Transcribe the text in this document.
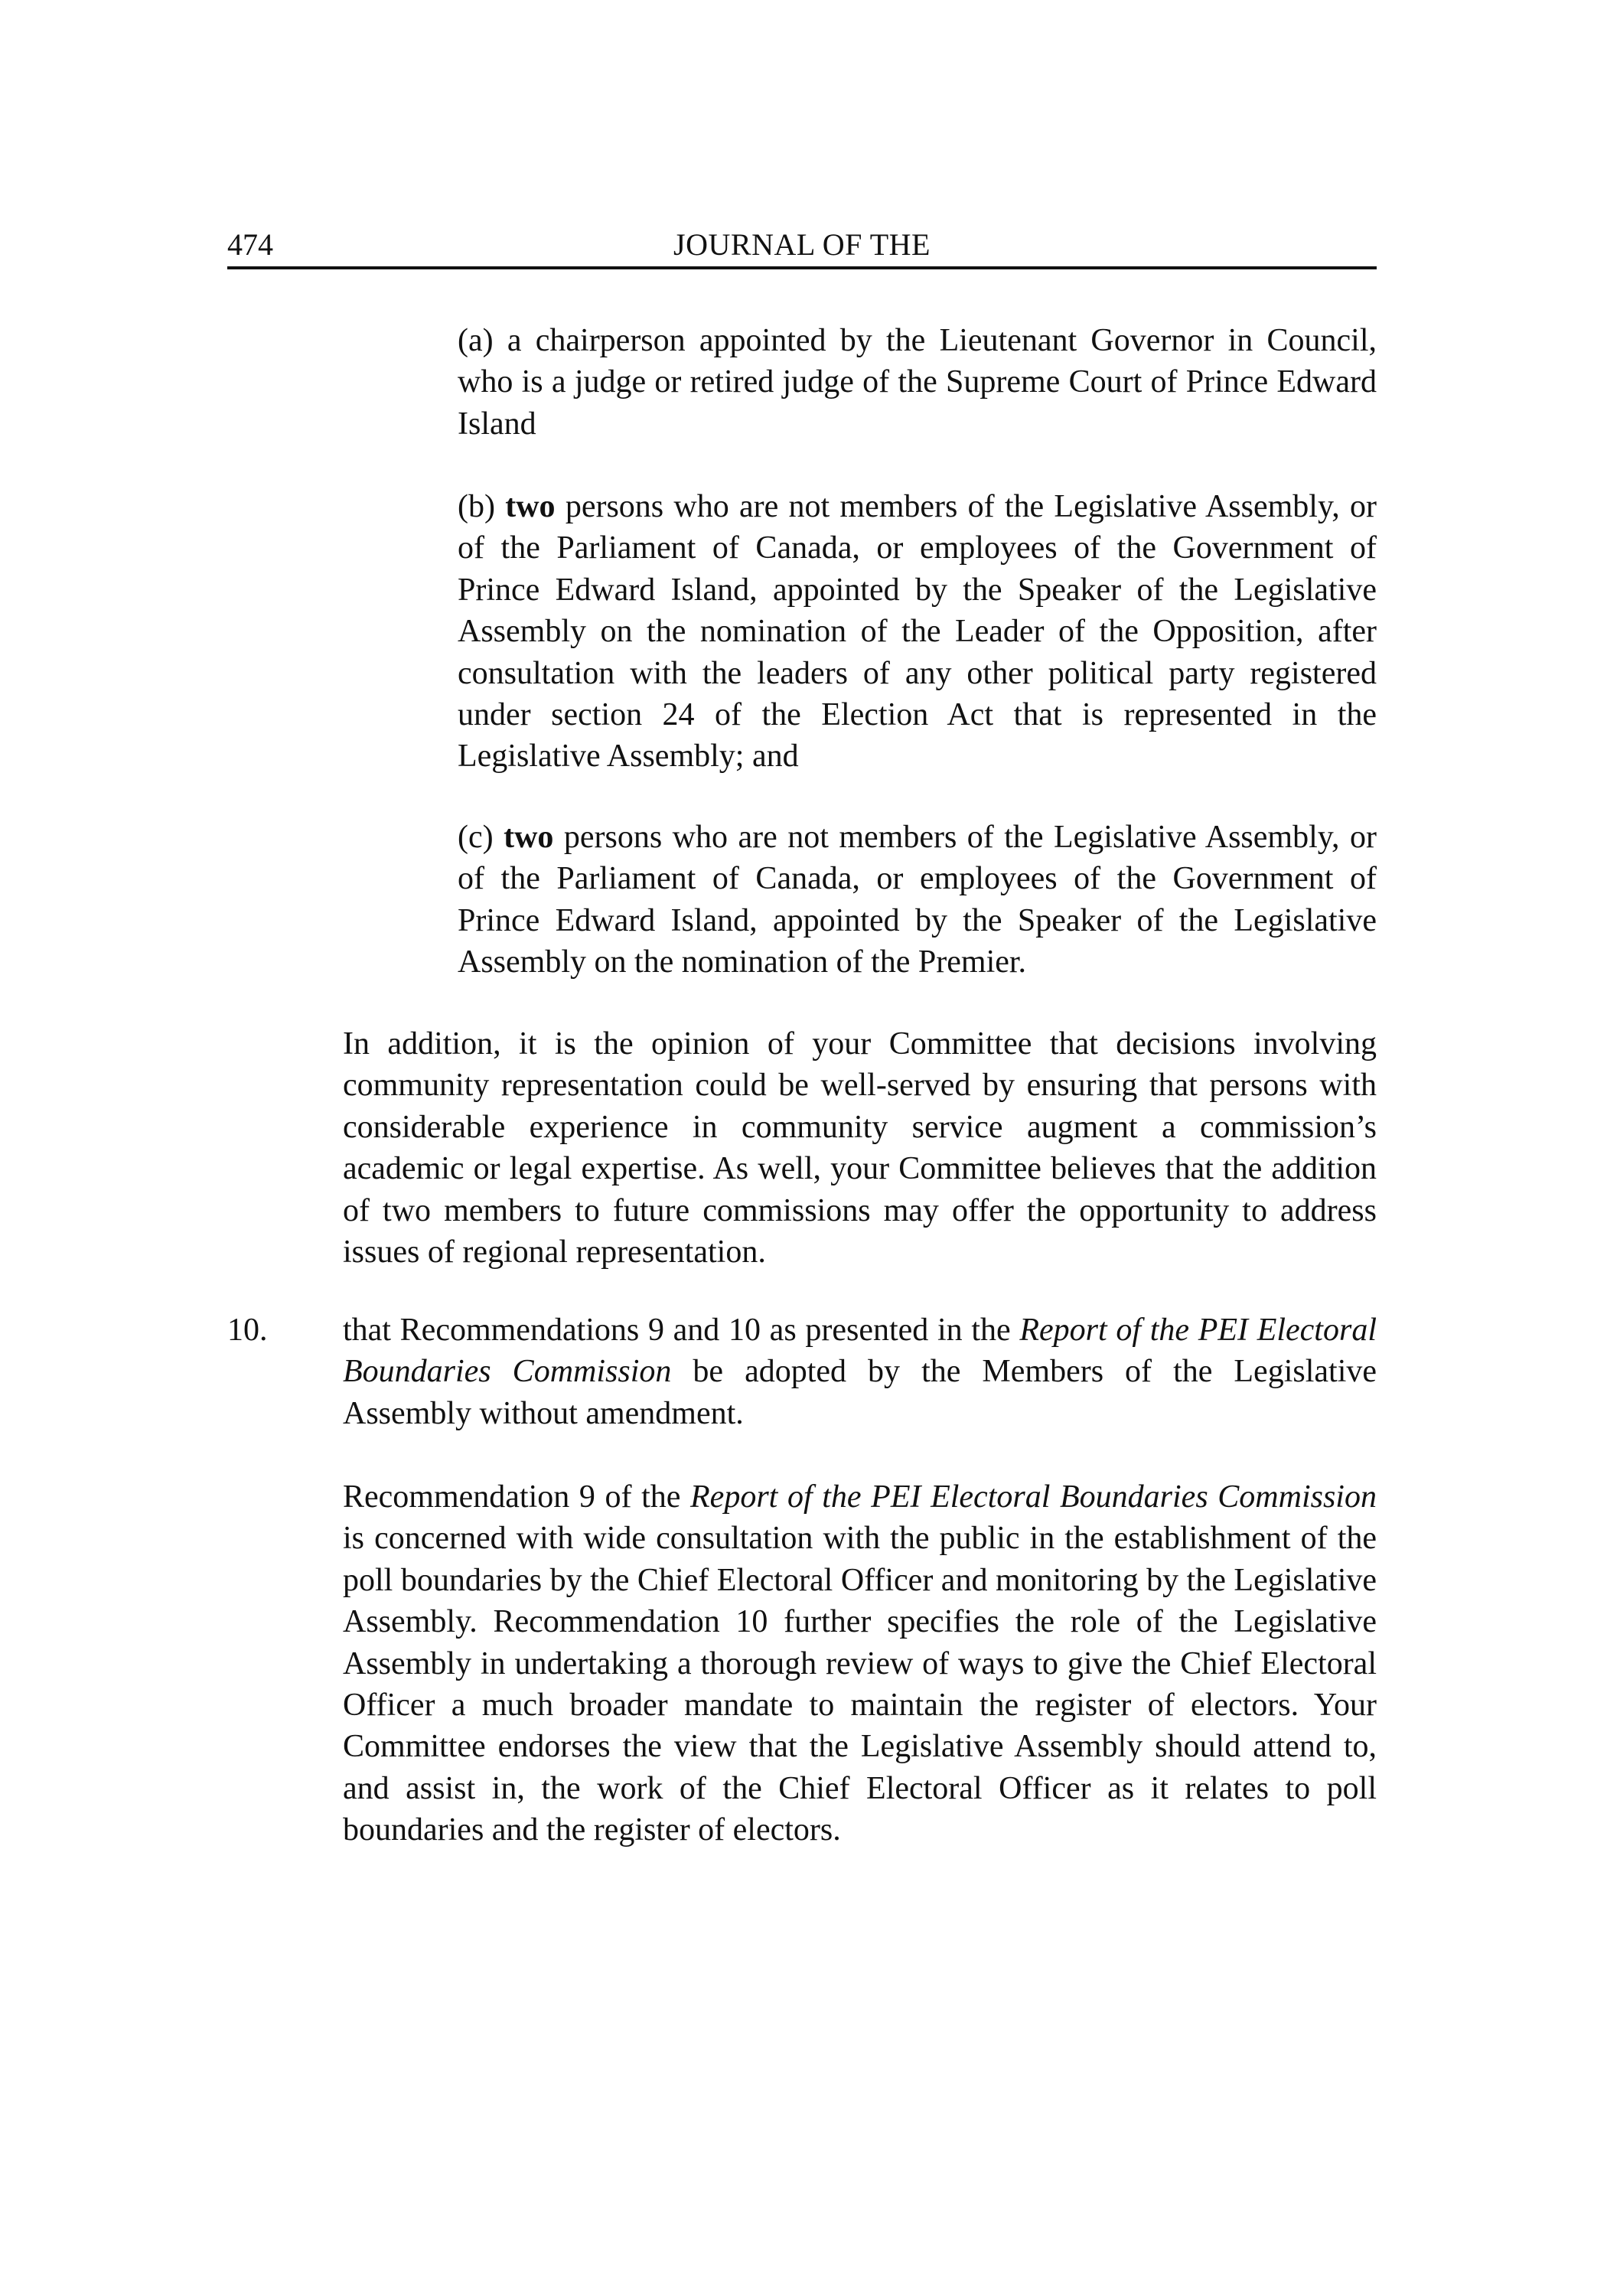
474	JOURNAL OF THE
(a) a chairperson appointed by the Lieutenant Governor in Council, who is a judge or retired judge of the Supreme Court of Prince Edward Island
(b) two persons who are not members of the Legislative Assembly, or of the Parliament of Canada, or employees of the Government of Prince Edward Island, appointed by the Speaker of the Legislative Assembly on the nomination of the Leader of the Opposition, after consultation with the leaders of any other political party registered under section 24 of the Election Act that is represented in the Legislative Assembly; and
(c) two persons who are not members of the Legislative Assembly, or of the Parliament of Canada, or employees of the Government of Prince Edward Island, appointed by the Speaker of the Legislative Assembly on the nomination of the Premier.
In addition, it is the opinion of your Committee that decisions involving community representation could be well-served by ensuring that persons with considerable experience in community service augment a commission’s academic or legal expertise. As well, your Committee believes that the addition of two members to future commissions may offer the opportunity to address issues of regional representation.
10. that Recommendations 9 and 10 as presented in the Report of the PEI Electoral Boundaries Commission be adopted by the Members of the Legislative Assembly without amendment.
Recommendation 9 of the Report of the PEI Electoral Boundaries Commission is concerned with wide consultation with the public in the establishment of the poll boundaries by the Chief Electoral Officer and monitoring by the Legislative Assembly. Recommendation 10 further specifies the role of the Legislative Assembly in undertaking a thorough review of ways to give the Chief Electoral Officer a much broader mandate to maintain the register of electors. Your Committee endorses the view that the Legislative Assembly should attend to, and assist in, the work of the Chief Electoral Officer as it relates to poll boundaries and the register of electors.
